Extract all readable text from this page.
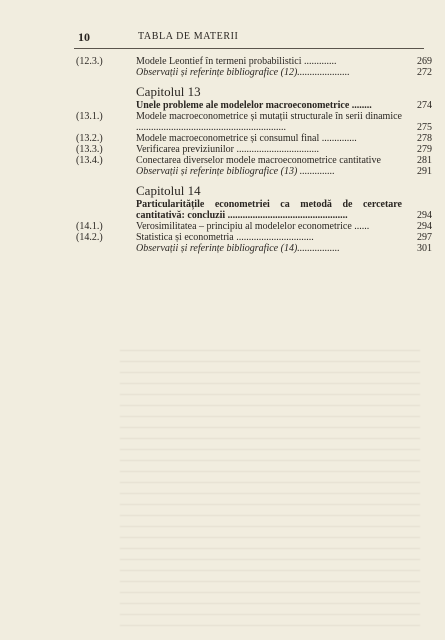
10	TABLA DE MATERII
(12.3.)	Modele Leontief în termeni probabilistici .............	269
Observații și referințe bibliografice (12).....................	272
Capitolul 13
Unele probleme ale modelelor macroeconometrice ........	274
(13.1.)	Modele macroeconometrice și mutații structurale în serii dinamice ............................................................	275
(13.2.)	Modele macroeconometrice și consumul final ..............	278
(13.3.)	Verificarea previziunilor .................................	279
(13.4.)	Conectarea diverselor modele macroeconometrice cantitative	281
Observații și referințe bibliografice (13) ..............	291
Capitolul 14
Particularitățile econometriei ca metodă de cercetare cantitativă: concluzii ................................................	294
(14.1.)	Verosimilitatea – principiu al modelelor econometrice ......	294
(14.2.)	Statistica și econometria ...............................	297
Observații și referințe bibliografice (14).................	301
